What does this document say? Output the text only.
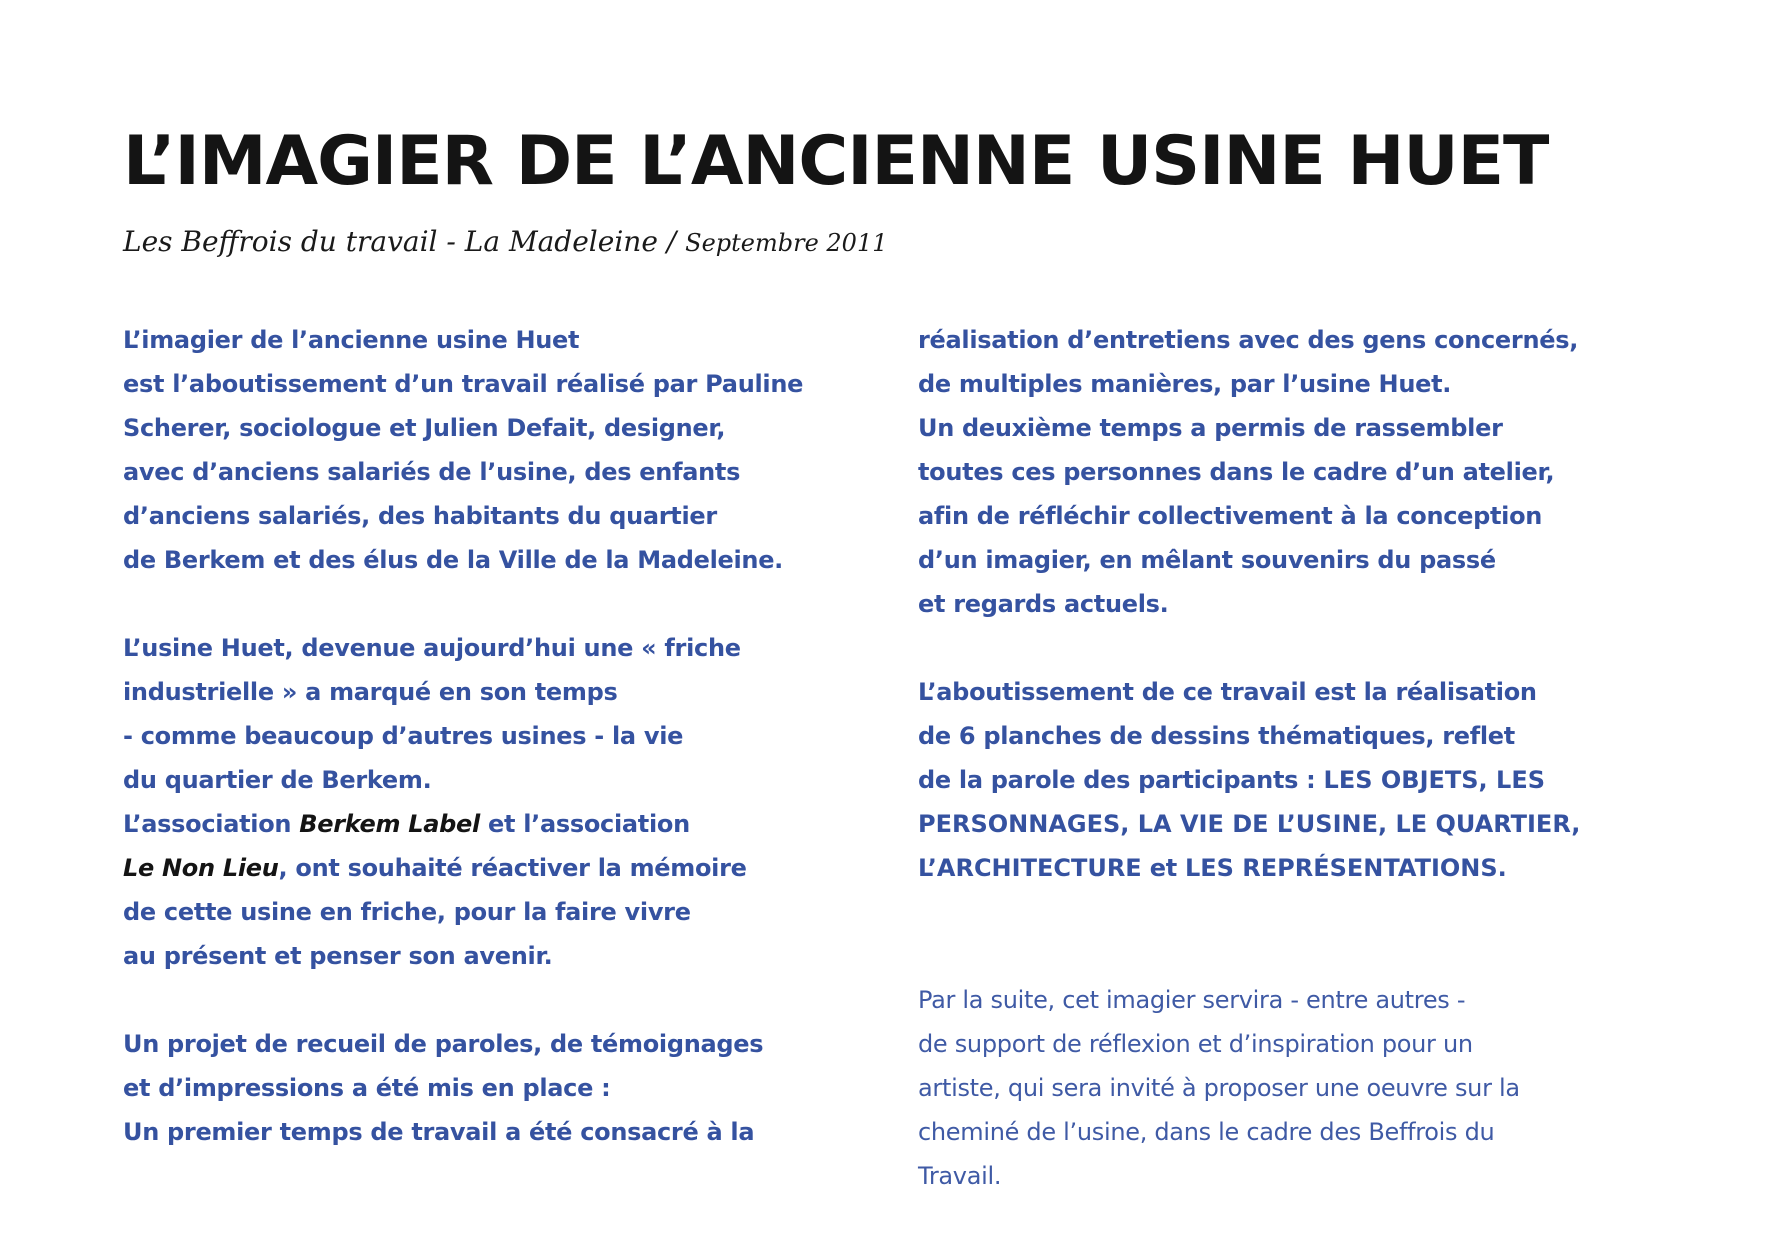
L’IMAGIER DE L’ANCIENNE USINE HUET
Les Beffrois du travail - La Madeleine / Septembre 2011
L’imagier de l’ancienne usine Huet
est l’aboutissement d’un travail réalisé par Pauline
Scherer, sociologue et Julien Defait, designer,
avec d’anciens salariés de l’usine, des enfants
d’anciens salariés, des habitants du quartier
de Berkem et des élus de la Ville de la Madeleine.
L’usine Huet, devenue aujourd’hui une « friche
industrielle » a marqué en son temps
- comme beaucoup d’autres usines - la vie
du quartier de Berkem.
L’association Berkem Label et l’association
Le Non Lieu, ont souhaité réactiver la mémoire
de cette usine en friche, pour la faire vivre
au présent et penser son avenir.
Un projet de recueil de paroles, de témoignages
et d’impressions a été mis en place :
Un premier temps de travail a été consacré à la
réalisation d’entretiens avec des gens concernés,
de multiples manières, par l’usine Huet.
Un deuxième temps a permis de rassembler
toutes ces personnes dans le cadre d’un atelier,
afin de réfléchir collectivement à la conception
d’un imagier, en mêlant souvenirs du passé
et regards actuels.
L’aboutissement de ce travail est la réalisation
de 6 planches de dessins thématiques, reflet
de la parole des participants : LES OBJETS, LES
PERSONNAGES, LA VIE DE L’USINE, LE QUARTIER,
L’ARCHITECTURE et LES REPRÉSENTATIONS.
Par la suite, cet imagier servira - entre autres -
de support de réflexion et d’inspiration pour un
artiste, qui sera invité à proposer une oeuvre sur la
cheminé de l’usine, dans le cadre des Beffrois du
Travail.
